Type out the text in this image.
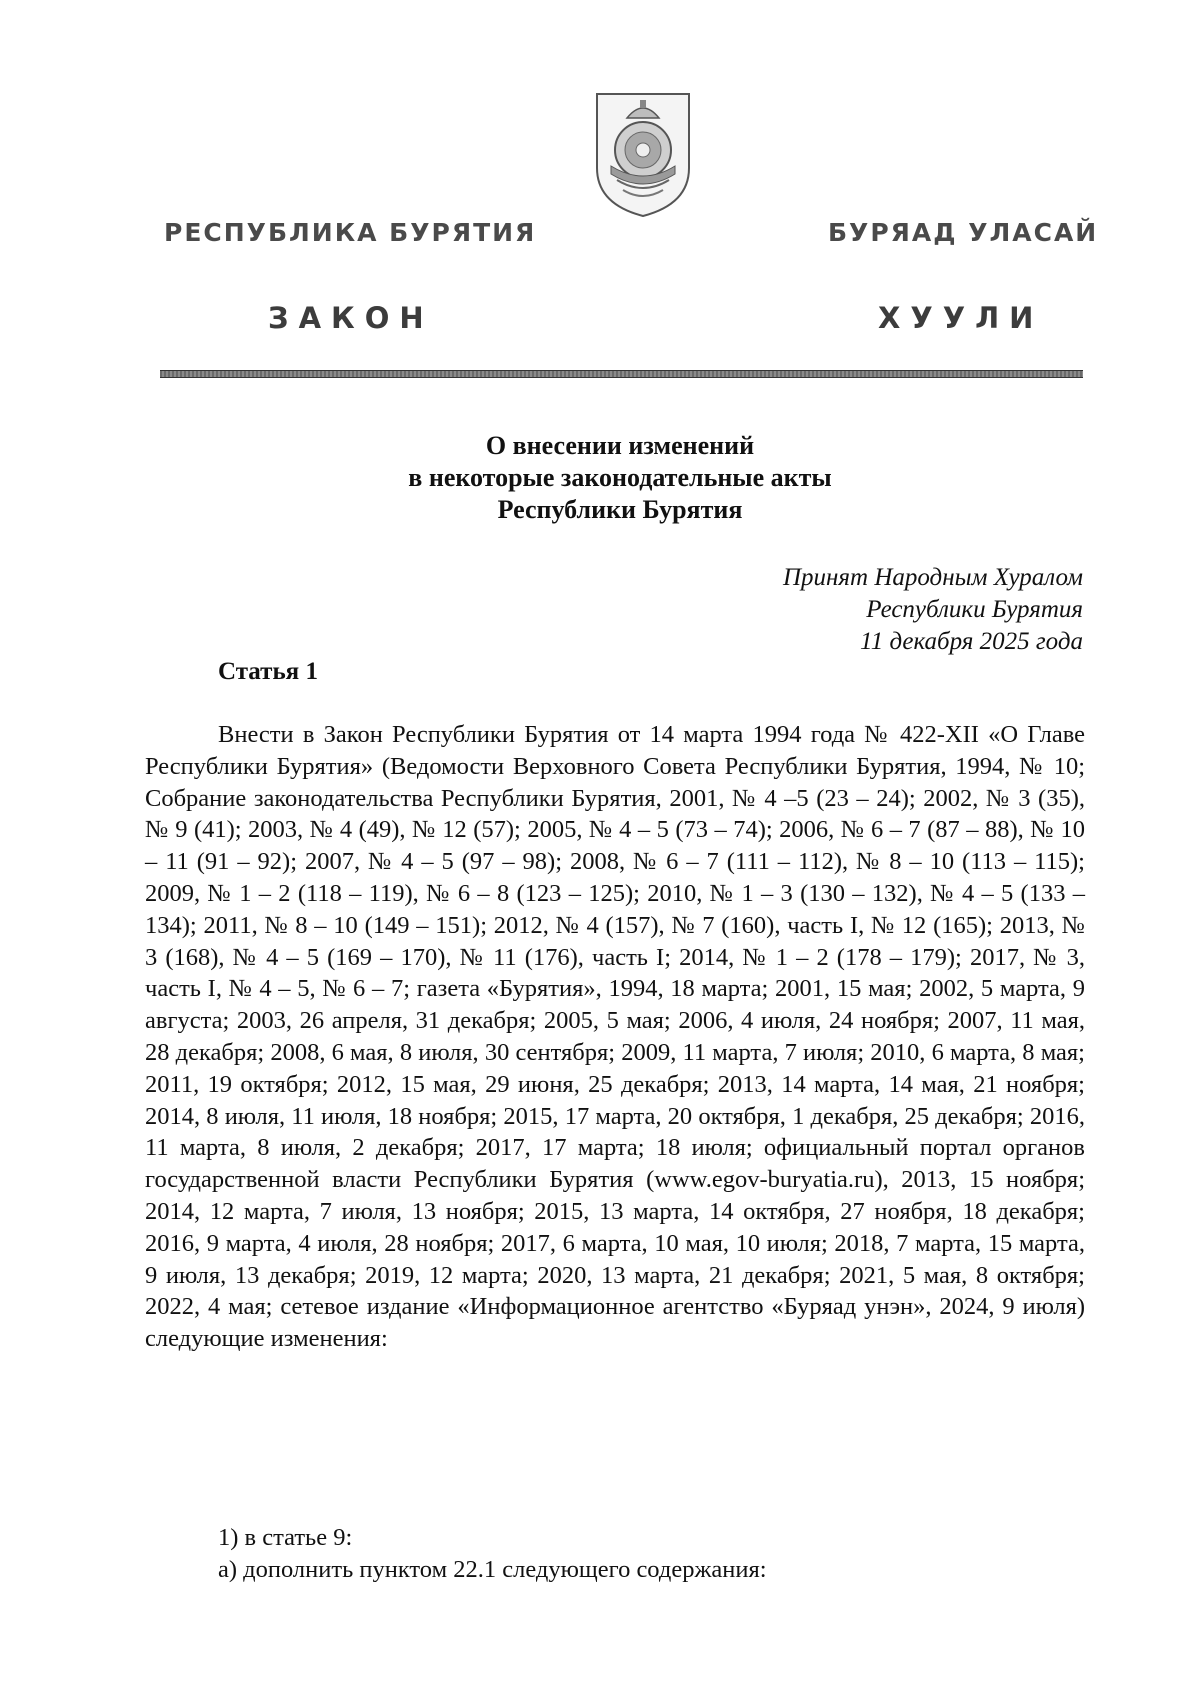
РЕСПУБЛИКА БУРЯТИЯ	БУРЯАД УЛАСАЙ
ЗАКОН	ХУУЛИ
О внесении изменений
в некоторые законодательные акты
Республики Бурятия
Принят Народным Хуралом
Республики Бурятия
11 декабря 2025 года
Статья 1

Внести в Закон Республики Бурятия от 14 марта 1994 года № 422-XII «О Главе Республики Бурятия» (Ведомости Верховного Совета Республики Бурятия, 1994, № 10; Собрание законодательства Республики Бурятия, 2001, № 4 –5 (23 – 24); 2002, № 3 (35), № 9 (41); 2003, № 4 (49), № 12 (57); 2005, № 4 – 5 (73 – 74); 2006, № 6 – 7 (87 – 88), № 10 – 11 (91 – 92); 2007, № 4 – 5 (97 – 98); 2008, № 6 – 7 (111 – 112), № 8 – 10 (113 – 115); 2009, № 1 – 2 (118 – 119), № 6 – 8 (123 – 125); 2010, № 1 – 3 (130 – 132), № 4 – 5 (133 – 134); 2011, № 8 – 10 (149 – 151); 2012, № 4 (157), № 7 (160), часть I, № 12 (165); 2013, № 3 (168), № 4 – 5 (169 – 170), № 11 (176), часть I; 2014, № 1 – 2 (178 – 179); 2017, № 3, часть I, № 4 – 5, № 6 – 7; газета «Бурятия», 1994, 18 марта; 2001, 15 мая; 2002, 5 марта, 9 августа; 2003, 26 апреля, 31 декабря; 2005, 5 мая; 2006, 4 июля, 24 ноября; 2007, 11 мая, 28 декабря; 2008, 6 мая, 8 июля, 30 сентября; 2009, 11 марта, 7 июля; 2010, 6 марта, 8 мая; 2011, 19 октября; 2012, 15 мая, 29 июня, 25 декабря; 2013, 14 марта, 14 мая, 21 ноября; 2014, 8 июля, 11 июля, 18 ноября; 2015, 17 марта, 20 октября, 1 декабря, 25 декабря; 2016, 11 марта, 8 июля, 2 декабря; 2017, 17 марта; 18 июля; официальный портал органов государственной власти Республики Бурятия (www.egov-buryatia.ru), 2013, 15 ноября; 2014, 12 марта, 7 июля, 13 ноября; 2015, 13 марта, 14 октября, 27 ноября, 18 декабря; 2016, 9 марта, 4 июля, 28 ноября; 2017, 6 марта, 10 мая, 10 июля; 2018, 7 марта, 15 марта, 9 июля, 13 декабря; 2019, 12 марта; 2020, 13 марта, 21 декабря; 2021, 5 мая, 8 октября; 2022, 4 мая; сетевое издание «Информационное агентство «Буряад унэн», 2024, 9 июля) следующие изменения:

1) в статье 9:
а) дополнить пунктом 22.1 следующего содержания:
